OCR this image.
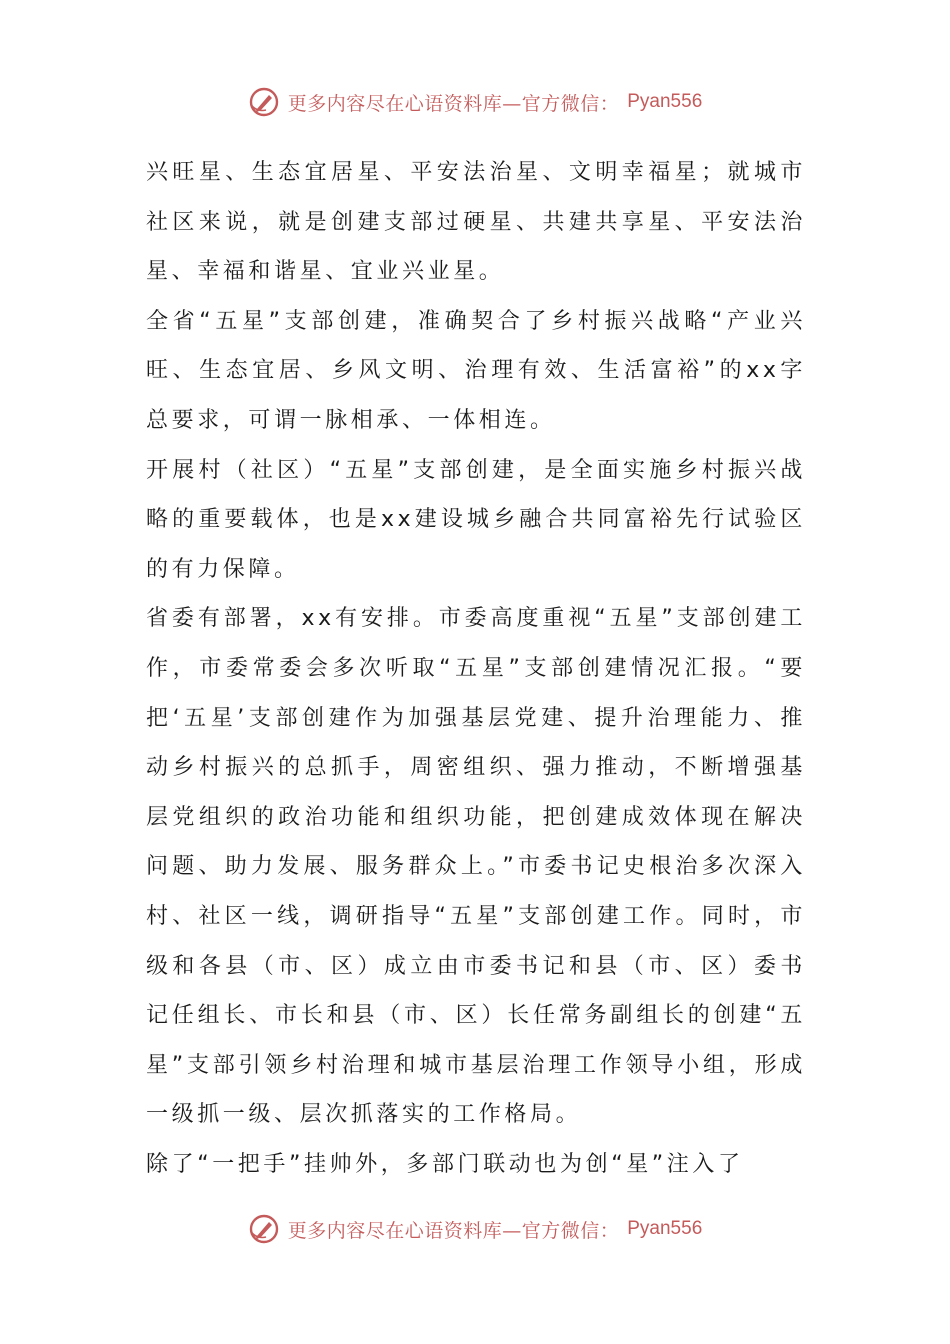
更多内容尽在心语资料库—官方微信： Pyan556

兴旺星、生态宜居星、平安法治星、文明幸福星；就城市社区来说，就是创建支部过硬星、共建共享星、平安法治星、幸福和谐星、宜业兴业星。

全省“五星”支部创建，准确契合了乡村振兴战略“产业兴旺、生态宜居、乡风文明、治理有效、生活富裕”的xx字总要求，可谓一脉相承、一体相连。

开展村（社区）“五星”支部创建，是全面实施乡村振兴战略的重要载体，也是xx建设城乡融合共同富裕先行试验区的有力保障。

省委有部署，xx有安排。市委高度重视“五星”支部创建工作，市委常委会多次听取“五星”支部创建情况汇报。“要把‘五星’支部创建作为加强基层党建、提升治理能力、推动乡村振兴的总抓手，周密组织、强力推动，不断增强基层党组织的政治功能和组织功能，把创建成效体现在解决问题、助力发展、服务群众上。”市委书记史根治多次深入村、社区一线，调研指导“五星”支部创建工作。同时，市级和各县（市、区）成立由市委书记和县（市、区）委书记任组长、市长和县（市、区）长任常务副组长的创建“五星”支部引领乡村治理和城市基层治理工作领导小组，形成一级抓一级、层次抓落实的工作格局。

除了“一把手”挂帅外，多部门联动也为创“星”注入了

更多内容尽在心语资料库—官方微信： Pyan556
